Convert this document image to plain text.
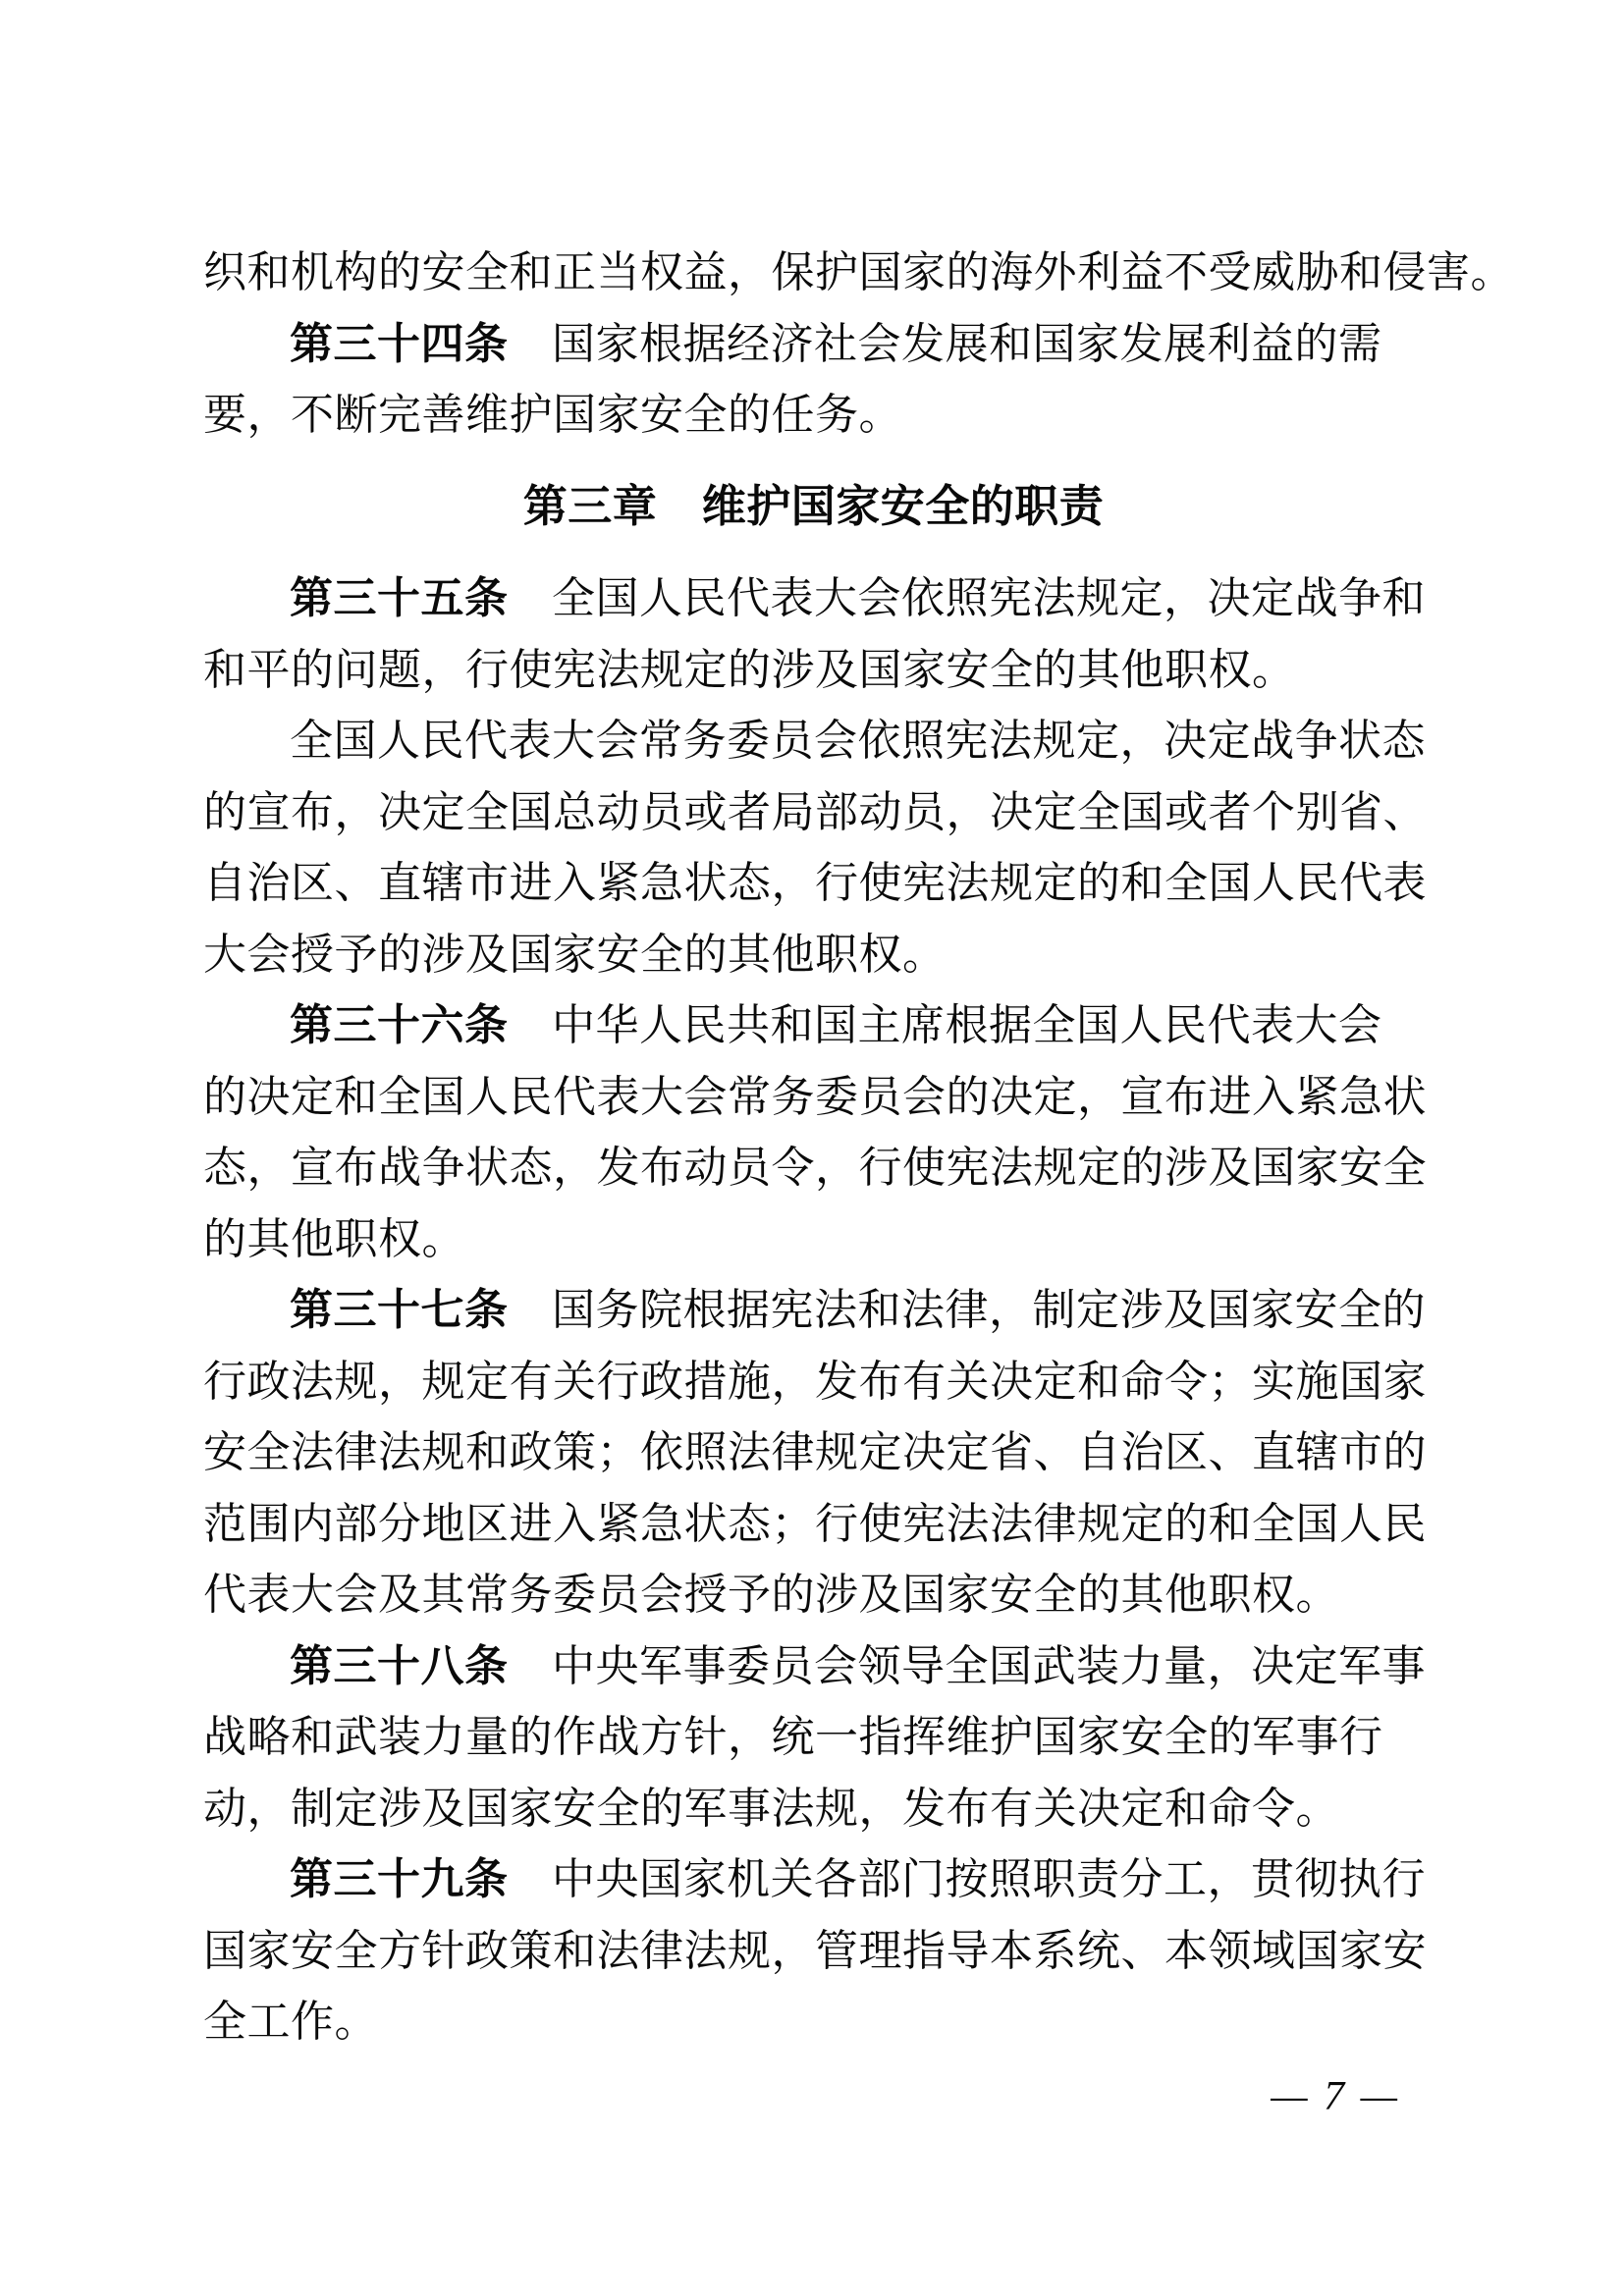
织和机构的安全和正当权益，保护国家的海外利益不受威胁和侵害。
第三十四条　国家根据经济社会发展和国家发展利益的需
要，不断完善维护国家安全的任务。
第三章　维护国家安全的职责
第三十五条　全国人民代表大会依照宪法规定，决定战争和
和平的问题，行使宪法规定的涉及国家安全的其他职权。
全国人民代表大会常务委员会依照宪法规定，决定战争状态
的宣布，决定全国总动员或者局部动员，决定全国或者个别省、
自治区、直辖市进入紧急状态，行使宪法规定的和全国人民代表
大会授予的涉及国家安全的其他职权。
第三十六条　中华人民共和国主席根据全国人民代表大会
的决定和全国人民代表大会常务委员会的决定，宣布进入紧急状
态，宣布战争状态，发布动员令，行使宪法规定的涉及国家安全
的其他职权。
第三十七条　国务院根据宪法和法律，制定涉及国家安全的
行政法规，规定有关行政措施，发布有关决定和命令；实施国家
安全法律法规和政策；依照法律规定决定省、自治区、直辖市的
范围内部分地区进入紧急状态；行使宪法法律规定的和全国人民
代表大会及其常务委员会授予的涉及国家安全的其他职权。
第三十八条　中央军事委员会领导全国武装力量，决定军事
战略和武装力量的作战方针，统一指挥维护国家安全的军事行
动，制定涉及国家安全的军事法规，发布有关决定和命令。
第三十九条　中央国家机关各部门按照职责分工，贯彻执行
国家安全方针政策和法律法规，管理指导本系统、本领域国家安
全工作。
— 7 —
